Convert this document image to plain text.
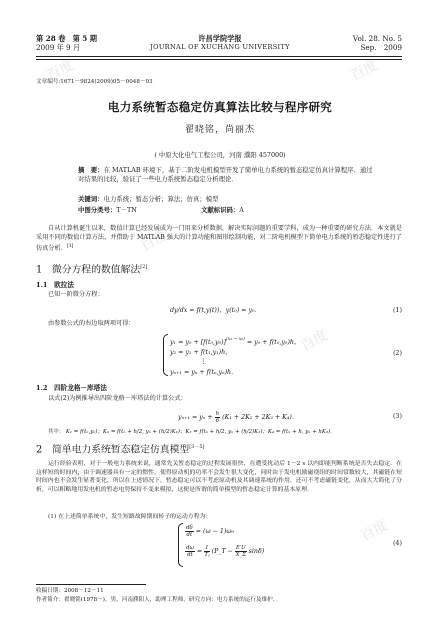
百度	百度
百度
百度
百度
百度
第 28 卷　第 5 期
2009 年 9 月
许昌学院学报
JOURNAL OF XUCHANG UNIVERSITY
Vol. 28. No. 5
Sep.　2009
文章编号:1671－9824(2009)05－0048－03
电力系统暂态稳定仿真算法比较与程序研究
翟晓铭，尚丽杰
( 中原大化电气工程公司，河南 濮阳 457000)
摘　要：在 MATLAB 环境下，基于二阶发电机模型开发了简单电力系统的暂态稳定仿真计算程序．通过对结果的比较，验证了一些电力系统暂态稳定分析理论．
关键词：电力系统；暂态分析；算法；仿真；模型
中图分类号：T－TN	文献标识码：A
自从计算机诞生以来，数值计算已经发展成为一门用来分析数据，解决实际问题的重要学科，成为一种重要的研究方法．本文就是采用不同的数值计算方法，并借助于 MATLAB 强大的计算功能和图形绘制功能，对二阶电机模型下简单电力系统的暂态稳定性进行了仿真分析．[1]
1　微分方程的数值解法[2]
1.1　欧拉法
已知一阶微分方程：
dy/dx = f(t,y(t))，y(t₀) = y₀．	(1)
由参数公式的右边取两项可得：
$y_1 = y_0 + [f(t_0,y_0)]^{(x_1 - x_0)} = y_0 + f(t_0,y_0)h$，
y₂ = y₁ + f(t₁,y₁)h，
⋮
yₙ₊₁ = yₙ + f(tₙ,yₙ)h．
(2)
1.2　四阶龙格－库塔法
以式(2)为例推导出四阶龙格－库塔法的计算公式：
$y_{n+1} = y_n + \frac{h}{6} (K_1 + 2K_2 + 2K_3 + K_4)$．	(3)
其中： K₁ = f(tₙ,yₙ)；K₂ = f(tₙ + h/2, yₙ + (h/2)K₁)；K₃ = f(tₙ + h/2, yₙ + (h/2)K₂)；K₄ = f(tₙ + h, yₙ + hK₃)．
2　简单电力系统暂态稳定仿真模型[3－5]
运行经验表明，对于一般电力系统来说，通常先关暂态稳定的过程发展很快，在遭受扰动后 1－2 s 以内即能判断系统是否失去稳定．在这样短的时间内，由于调速器具有一定的惯性，使得原动机的功率不会发生很大变化，同时由于发电机励磁绕组的时间常数较大，其磁链在短时间内也不会发生显著变化，所以在上述情况下，暂态稳定可以不考虑原动机及其调速系统的作用，还可不考虑磁链变化，从而大大简化了分析，可以粗略地用发电机的暂态电势保持不变来模拟，这便是所谓的简单模型的暂态稳定计算的基本原理．
(1) 在上述简单系统中，发生短路故障期间转子的运动方程为：
$\frac{d\delta}{dt} = (\omega - 1)\omega_0$
$\frac{d\omega}{dt} = \frac{1}{\text{Tⱼ}}$ (P_T − $\frac{E'U}{X\_\Sigma} \sin\delta$)
(4)
收稿日期：2008－12－11
作者简介：翟晓铭(1978－)，男，河南濮阳人，助理工程师，研究方向：电力系统的运行及维护．
